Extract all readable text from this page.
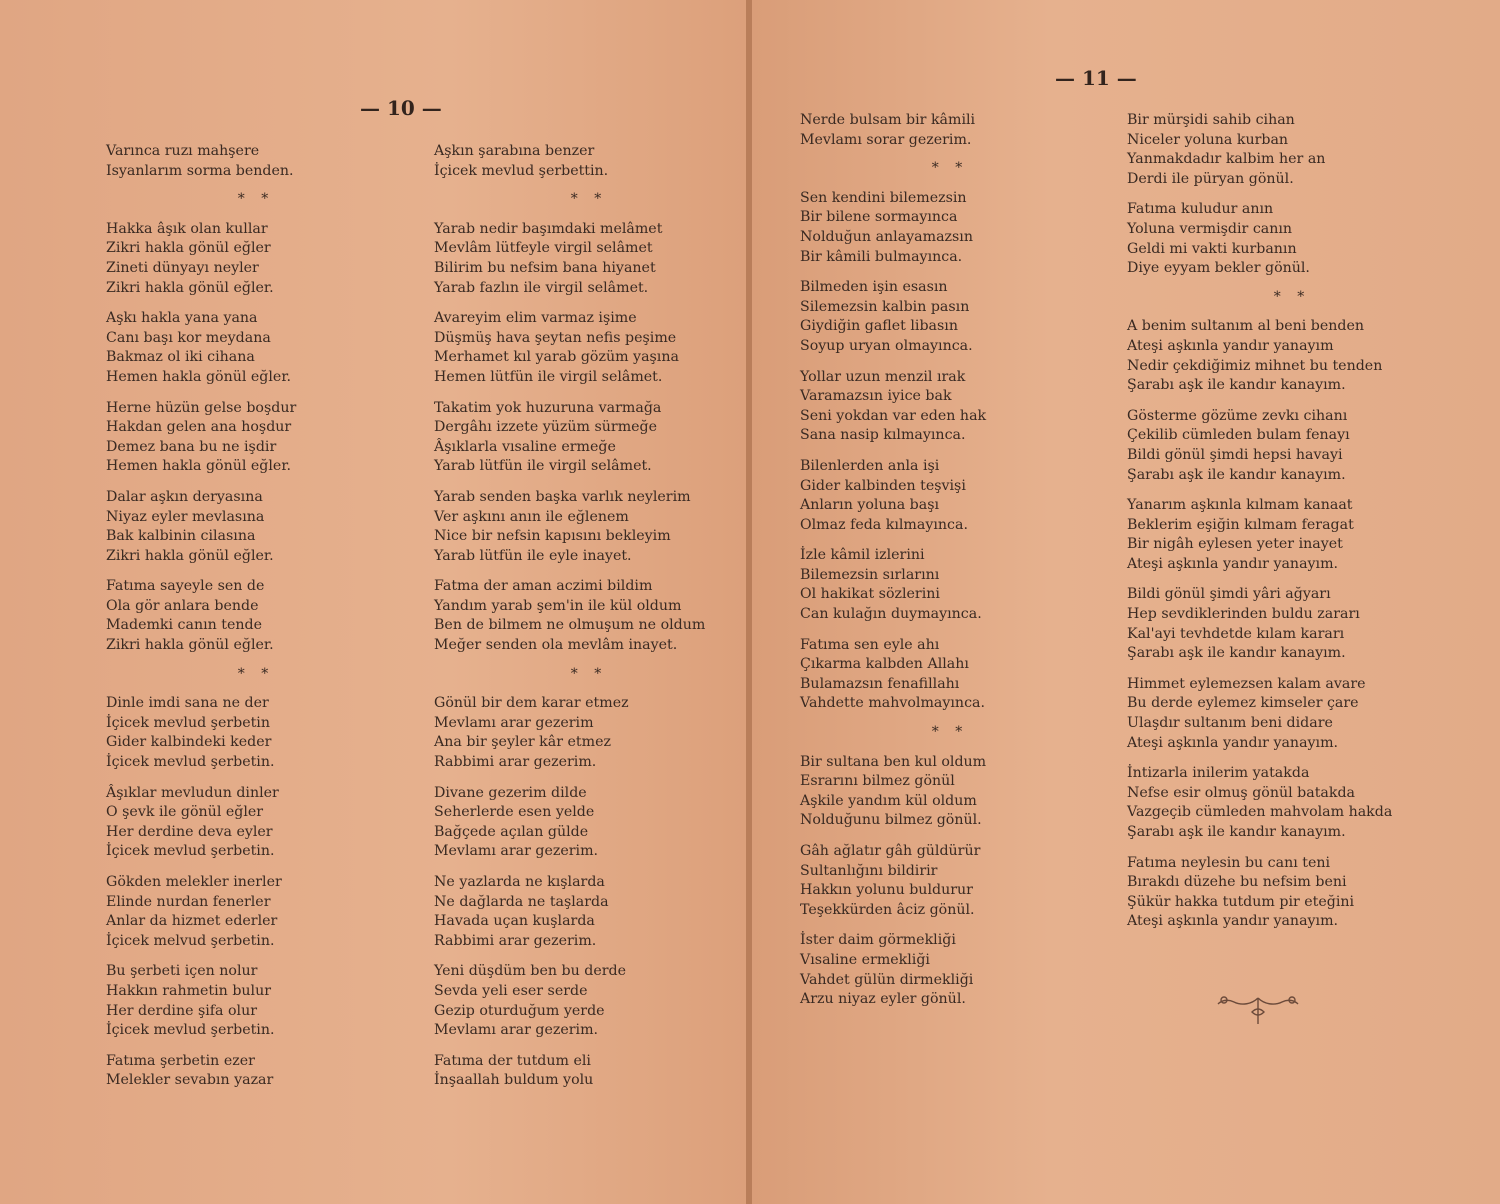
— 10 —
— 11 —
Varınca ruzı mahşere
Isyanlarım sorma benden.
* *
Hakka âşık olan kullar
Zikri hakla gönül eğler
Zineti dünyayı neyler
Zikri hakla gönül eğler.
Aşkı hakla yana yana
Canı başı kor meydana
Bakmaz ol iki cihana
Hemen hakla gönül eğler.
Herne hüzün gelse boşdur
Hakdan gelen ana hoşdur
Demez bana bu ne işdir
Hemen hakla gönül eğler.
Dalar aşkın deryasına
Niyaz eyler mevlasına
Bak kalbinin cilasına
Zikri hakla gönül eğler.
Fatıma sayeyle sen de
Ola gör anlara bende
Mademki canın tende
Zikri hakla gönül eğler.
* *
Dinle imdi sana ne der
İçicek mevlud şerbetin
Gider kalbindeki keder
İçicek mevlud şerbetin.
Âşıklar mevludun dinler
O şevk ile gönül eğler
Her derdine deva eyler
İçicek mevlud şerbetin.
Gökden melekler inerler
Elinde nurdan fenerler
Anlar da hizmet ederler
İçicek melvud şerbetin.
Bu şerbeti içen nolur
Hakkın rahmetin bulur
Her derdine şifa olur
İçicek mevlud şerbetin.
Fatıma şerbetin ezer
Melekler sevabın yazar
Aşkın şarabına benzer
İçicek mevlud şerbettin.
* *
Yarab nedir başımdaki melâmet
Mevlâm lütfeyle virgil selâmet
Bilirim bu nefsim bana hiyanet
Yarab fazlın ile virgil selâmet.
Avareyim elim varmaz işime
Düşmüş hava şeytan nefis peşime
Merhamet kıl yarab gözüm yaşına
Hemen lütfün ile virgil selâmet.
Takatim yok huzuruna varmağa
Dergâhı izzete yüzüm sürmeğe
Âşıklarla vısaline ermeğe
Yarab lütfün ile virgil selâmet.
Yarab senden başka varlık neylerim
Ver aşkını anın ile eğlenem
Nice bir nefsin kapısını bekleyim
Yarab lütfün ile eyle inayet.
Fatma der aman aczimi bildim
Yandım yarab şem'in ile kül oldum
Ben de bilmem ne olmuşum ne oldum
Meğer senden ola mevlâm inayet.
* *
Gönül bir dem karar etmez
Mevlamı arar gezerim
Ana bir şeyler kâr etmez
Rabbimi arar gezerim.
Divane gezerim dilde
Seherlerde esen yelde
Bağçede açılan gülde
Mevlamı arar gezerim.
Ne yazlarda ne kışlarda
Ne dağlarda ne taşlarda
Havada uçan kuşlarda
Rabbimi arar gezerim.
Yeni düşdüm ben bu derde
Sevda yeli eser serde
Gezip oturduğum yerde
Mevlamı arar gezerim.
Fatıma der tutdum eli
İnşaallah buldum yolu
Nerde bulsam bir kâmili
Mevlamı sorar gezerim.
* *
Sen kendini bilemezsin
Bir bilene sormayınca
Nolduğun anlayamazsın
Bir kâmili bulmayınca.
Bilmeden işin esasın
Silemezsin kalbin pasın
Giydiğin gaflet libasın
Soyup uryan olmayınca.
Yollar uzun menzil ırak
Varamazsın iyice bak
Seni yokdan var eden hak
Sana nasip kılmayınca.
Bilenlerden anla işi
Gider kalbinden teşvişi
Anların yoluna başı
Olmaz feda kılmayınca.
İzle kâmil izlerini
Bilemezsin sırlarını
Ol hakikat sözlerini
Can kulağın duymayınca.
Fatıma sen eyle ahı
Çıkarma kalbden Allahı
Bulamazsın fenafillahı
Vahdette mahvolmayınca.
* *
Bir sultana ben kul oldum
Esrarını bilmez gönül
Aşkile yandım kül oldum
Nolduğunu bilmez gönül.
Gâh ağlatır gâh güldürür
Sultanlığını bildirir
Hakkın yolunu buldurur
Teşekkürden âciz gönül.
İster daim görmekliği
Vısaline ermekliği
Vahdet gülün dirmekliği
Arzu niyaz eyler gönül.
Bir mürşidi sahib cihan
Niceler yoluna kurban
Yanmakdadır kalbim her an
Derdi ile püryan gönül.
Fatıma kuludur anın
Yoluna vermişdir canın
Geldi mi vakti kurbanın
Diye eyyam bekler gönül.
* *
A benim sultanım al beni benden
Ateşi aşkınla yandır yanayım
Nedir çekdiğimiz mihnet bu tenden
Şarabı aşk ile kandır kanayım.
Gösterme gözüme zevkı cihanı
Çekilib cümleden bulam fenayı
Bildi gönül şimdi hepsi havayi
Şarabı aşk ile kandır kanayım.
Yanarım aşkınla kılmam kanaat
Beklerim eşiğin kılmam feragat
Bir nigâh eylesen yeter inayet
Ateşi aşkınla yandır yanayım.
Bildi gönül şimdi yâri ağyarı
Hep sevdiklerinden buldu zararı
Kal'ayi tevhdetde kılam kararı
Şarabı aşk ile kandır kanayım.
Himmet eylemezsen kalam avare
Bu derde eylemez kimseler çare
Ulaşdır sultanım beni didare
Ateşi aşkınla yandır yanayım.
İntizarla inilerim yatakda
Nefse esir olmuş gönül batakda
Vazgeçib cümleden mahvolam hakda
Şarabı aşk ile kandır kanayım.
Fatıma neylesin bu canı teni
Bırakdı düzehe bu nefsim beni
Şükür hakka tutdum pir eteğini
Ateşi aşkınla yandır yanayım.
